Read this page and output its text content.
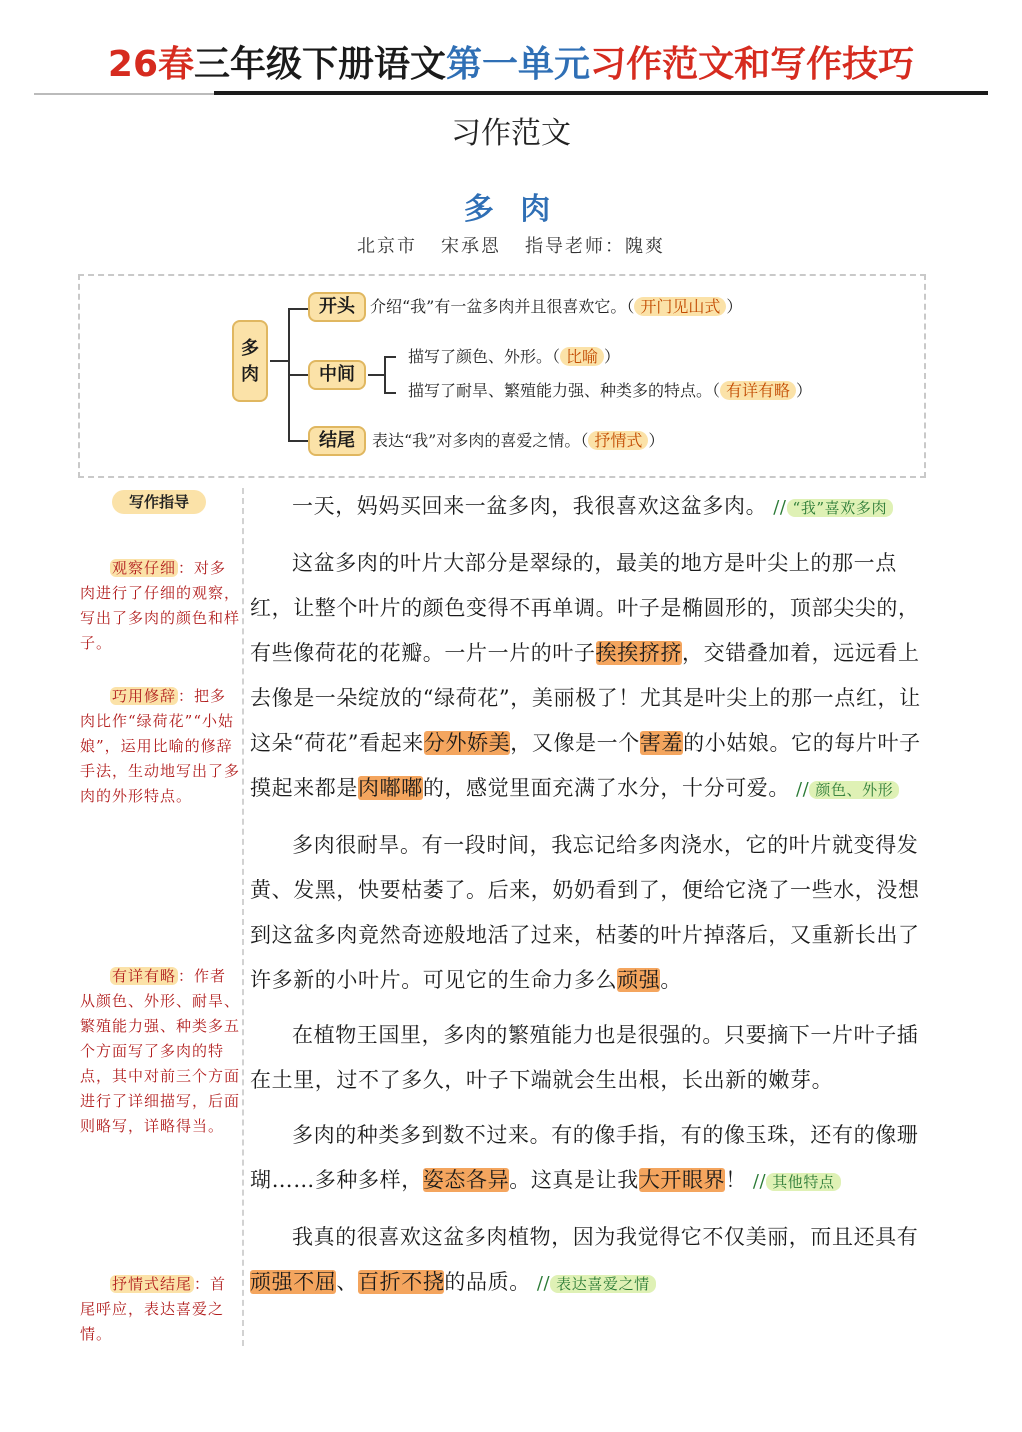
26春三年级下册语文第一单元习作范文和写作技巧
习作范文
多 肉
北京市 宋承恩 指导老师：隗爽
多肉
开头 介绍“我”有一盆多肉并且很喜欢它。（ 开门见山式 ）
中间
描写了颜色、外形。（ 比喻 ）
描写了耐旱、繁殖能力强、种类多的特点。（ 有详有略 ）
结尾	表达“我”对多肉的喜爱之情。（ 抒情式 ）
写作指导
观察仔细 ：对多肉进行了仔细的观察，写出了多肉的颜色和样子。
巧用修辞 ：把多肉比作“绿荷花”“小姑娘”，运用比喻的修辞手法，生动地写出了多肉的外形特点。
有详有略 ：作者从颜色、外形、耐旱、繁殖能力强、种类多五个方面写了多肉的特点，其中对前三个方面进行了详细描写，后面则略写，详略得当。
抒情式结尾 ：首尾呼应，表达喜爱之情。

一天，妈妈买回来一盆多肉，我很喜欢这盆多肉。 // “我”喜欢多肉

这盆多肉的叶片大部分是翠绿的，最美的地方是叶尖上的那一点红，让整个叶片的颜色变得不再单调。叶子是椭圆形的，顶部尖尖的，有些像荷花的花瓣。一片一片的叶子挨挨挤挤，交错叠加着，远远看上去像是一朵绽放的“绿荷花”，美丽极了！尤其是叶尖上的那一点红，让这朵“荷花”看起来分外娇美，又像是一个害羞的小姑娘。它的每片叶子摸起来都是肉嘟嘟的，感觉里面充满了水分，十分可爱。 // 颜色、外形

多肉很耐旱。有一段时间，我忘记给多肉浇水，它的叶片就变得发黄、发黑，快要枯萎了。后来，奶奶看到了，便给它浇了一些水，没想到这盆多肉竟然奇迹般地活了过来，枯萎的叶片掉落后，又重新长出了许多新的小叶片。可见它的生命力多么顽强。

在植物王国里，多肉的繁殖能力也是很强的。只要摘下一片叶子插在土里，过不了多久，叶子下端就会生出根，长出新的嫩芽。

多肉的种类多到数不过来。有的像手指，有的像玉珠，还有的像珊瑚……多种多样，姿态各异。这真是让我大开眼界！ // 其他特点

我真的很喜欢这盆多肉植物，因为我觉得它不仅美丽，而且还具有顽强不屈、百折不挠的品质。 // 表达喜爱之情
